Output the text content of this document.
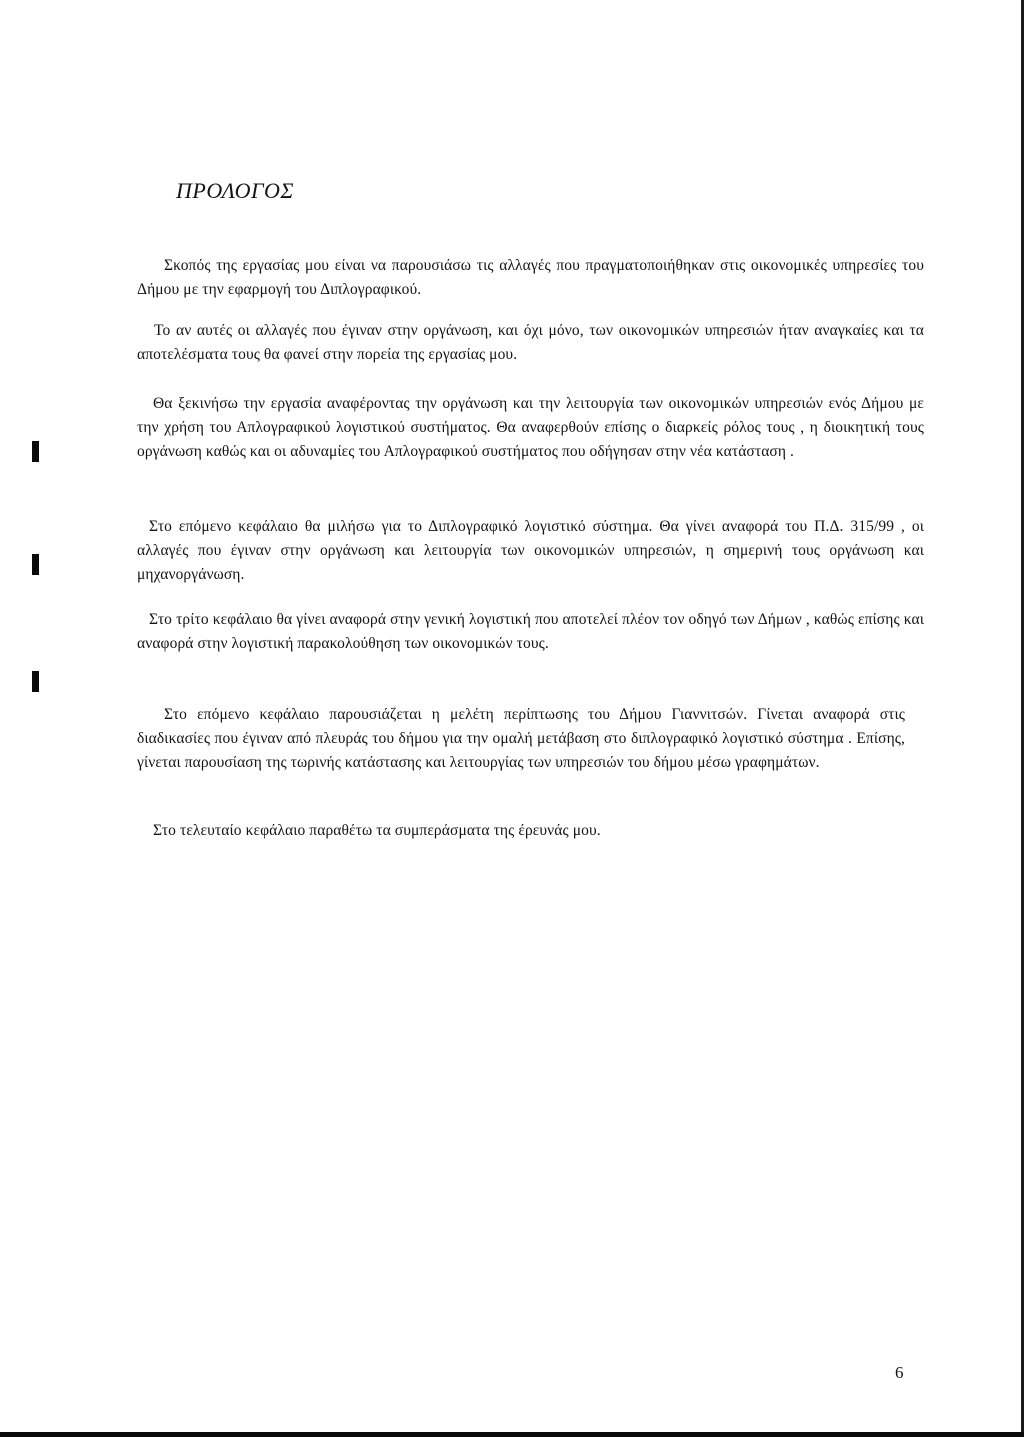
ΠΡΟΛΟΓΟΣ

Σκοπός της εργασίας μου είναι να παρουσιάσω τις αλλαγές που πραγματοποιήθηκαν στις οικονομικές υπηρεσίες του Δήμου με την εφαρμογή του Διπλογραφικού.

Το αν αυτές οι αλλαγές που έγιναν στην οργάνωση, και όχι μόνο, των οικονομικών υπηρεσιών ήταν αναγκαίες και τα αποτελέσματα τους θα φανεί στην πορεία της εργασίας μου.

Θα ξεκινήσω την εργασία αναφέροντας την οργάνωση και την λειτουργία των οικονομικών υπηρεσιών ενός Δήμου με την χρήση του Απλογραφικού λογιστικού συστήματος. Θα αναφερθούν επίσης ο διαρκείς ρόλος τους , η διοικητική τους οργάνωση καθώς και οι αδυναμίες του Απλογραφικού συστήματος που οδήγησαν στην νέα κατάσταση .

Στο επόμενο κεφάλαιο θα μιλήσω για το Διπλογραφικό λογιστικό σύστημα. Θα γίνει αναφορά του Π.Δ. 315/99 , οι αλλαγές που έγιναν στην οργάνωση και λειτουργία των οικονομικών υπηρεσιών, η σημερινή τους οργάνωση και μηχανοργάνωση.

Στο τρίτο κεφάλαιο θα γίνει αναφορά στην γενική λογιστική που αποτελεί πλέον τον οδηγό των Δήμων , καθώς επίσης και αναφορά στην λογιστική παρακολούθηση των οικονομικών τους.

Στο επόμενο κεφάλαιο παρουσιάζεται η μελέτη περίπτωσης του Δήμου Γιαννιτσών. Γίνεται αναφορά στις διαδικασίες που έγιναν από πλευράς του δήμου για την ομαλή μετάβαση στο διπλογραφικό λογιστικό σύστημα . Επίσης, γίνεται παρουσίαση της τωρινής κατάστασης και λειτουργίας των υπηρεσιών του δήμου μέσω γραφημάτων.

Στο τελευταίο κεφάλαιο παραθέτω τα συμπεράσματα της έρευνάς μου.

6
